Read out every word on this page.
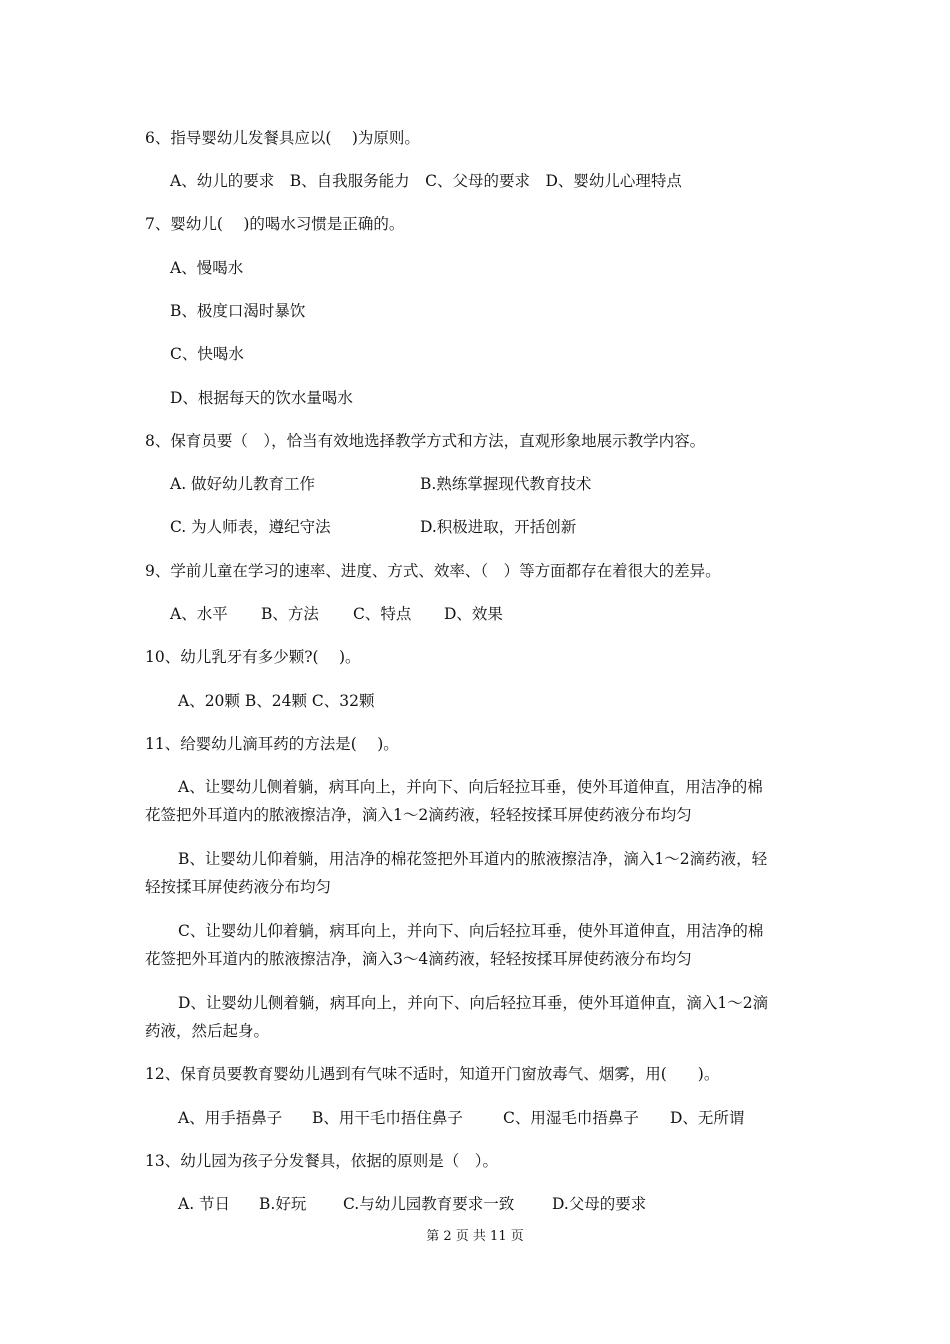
6、指导婴幼儿发餐具应以(　 )为原则。
A、幼儿的要求　B、自我服务能力　C、父母的要求　D、婴幼儿心理特点
7、婴幼儿(　 )的喝水习惯是正确的。
A、慢喝水
B、极度口渴时暴饮
C、快喝水
D、根据每天的饮水量喝水
8、保育员要（　），恰当有效地选择教学方式和方法，直观形象地展示教学内容。
A. 做好幼儿教育工作	B.熟练掌握现代教育技术
C. 为人师表，遵纪守法	D.积极进取，开括创新
9、学前儿童在学习的速率、进度、方式、效率、（　）等方面都存在着很大的差异。
A、水平 B、方法 C、特点 D、效果
10、幼儿乳牙有多少颗?(　 )。
A、20颗 B、24颗 C、32颗
11、给婴幼儿滴耳药的方法是(　 )。
A、让婴幼儿侧着躺，病耳向上，并向下、向后轻拉耳垂，使外耳道伸直，用洁净的棉
花签把外耳道内的脓液擦洁净，滴入1～2滴药液，轻轻按揉耳屏使药液分布均匀
B、让婴幼儿仰着躺，用洁净的棉花签把外耳道内的脓液擦洁净，滴入1～2滴药液，轻
轻按揉耳屏使药液分布均匀
C、让婴幼儿仰着躺，病耳向上，并向下、向后轻拉耳垂，使外耳道伸直，用洁净的棉
花签把外耳道内的脓液擦洁净，滴入3～4滴药液，轻轻按揉耳屏使药液分布均匀
D、让婴幼儿侧着躺，病耳向上，并向下、向后轻拉耳垂，使外耳道伸直，滴入1～2滴
药液，然后起身。
12、保育员要教育婴幼儿遇到有气味不适时，知道开门窗放毒气、烟雾，用(　　)。
A、用手捂鼻子 B、用干毛巾捂住鼻子	C、用湿毛巾捂鼻子 D、无所谓
13、幼儿园为孩子分发餐具，依据的原则是（　）。
A. 节日 B.好玩 C.与幼儿园教育要求一致 D.父母的要求
第 2 页 共 11 页
